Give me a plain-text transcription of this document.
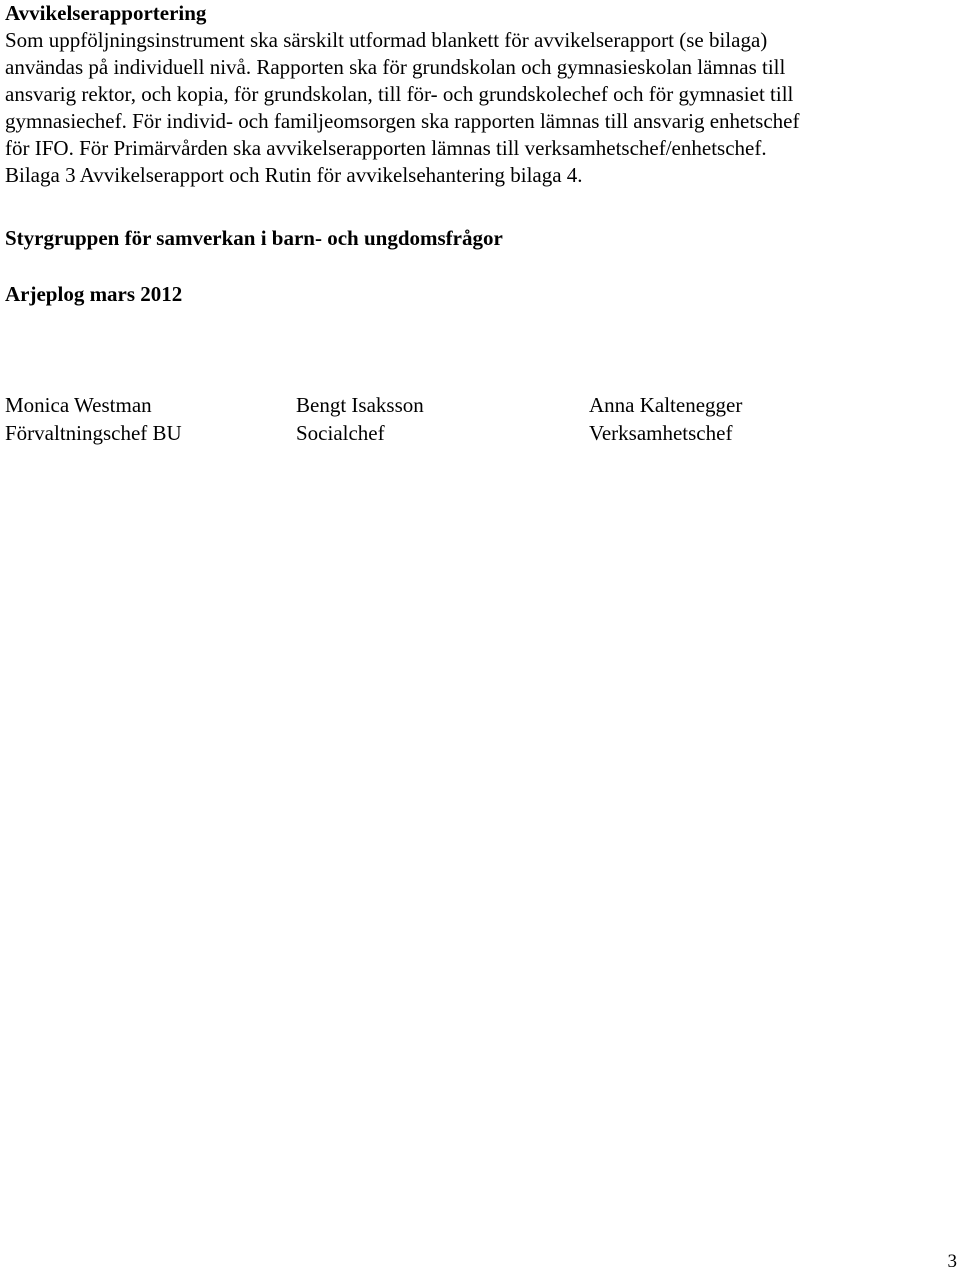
Avvikelserapportering

Som uppföljningsinstrument ska särskilt utformad blankett för avvikelserapport (se bilaga)
användas på individuell nivå. Rapporten ska för grundskolan och gymnasieskolan lämnas till
ansvarig rektor, och kopia, för grundskolan, till för- och grundskolechef och för gymnasiet till
gymnasiechef. För individ- och familjeomsorgen ska rapporten lämnas till ansvarig enhetschef
för IFO. För Primärvården ska avvikelserapporten lämnas till verksamhetschef/enhetschef.
Bilaga 3 Avvikelserapport och Rutin för avvikelsehantering bilaga 4.

Styrgruppen för samverkan i barn- och ungdomsfrågor

Arjeplog mars 2012

Monica Westman
Förvaltningschef BU
Bengt Isaksson
Socialchef
Anna Kaltenegger
Verksamhetschef
3
